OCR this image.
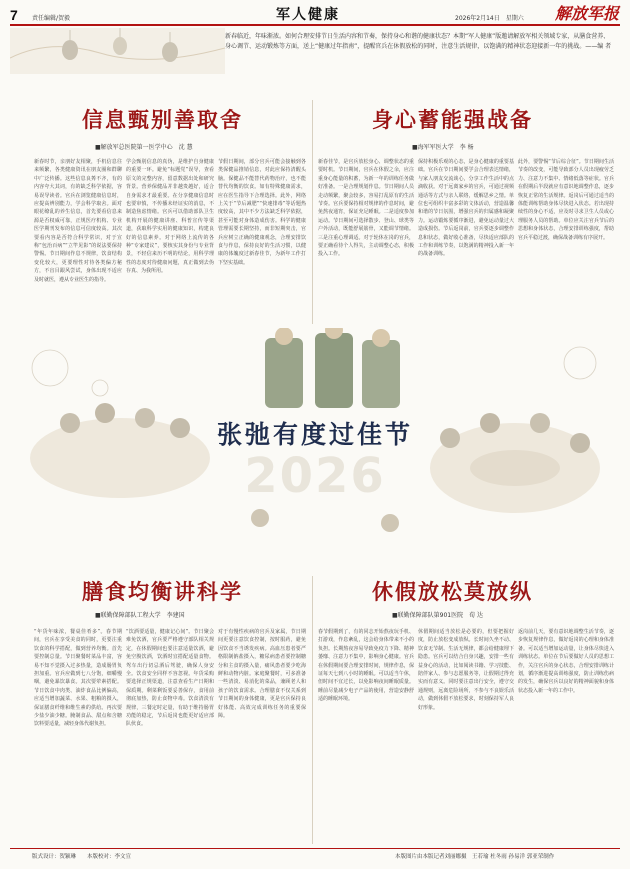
7 责任编辑/贺毅	军人健康	2026年2月14日　星期六 解放军报
新春临近，年味渐浓。如何合理安排节日生活内容和节奏，保持身心和谐的健康状态？本期“军人健康”版邀请解放军相关领域专家，从膳食营养、身心调节、运动锻炼等方面，送上“健康过年指南”，提醒官兵在休假放松的同时，注意生活规律，以饱满的精神状态迎接新一年的挑战。——编 者
信息甄别善取舍
■解放军总医院第一医学中心　沈 慧
新春时节，亲朋好友相聚，手机信息往来频繁，各类健康资讯在朋友圈和群聊中广泛传播。这些信息良莠不齐，有的内容夸大其词，有的缺乏科学依据，容易误导读者。官兵在浏览健康信息时，应提高辨别能力，学会科学取舍。面对眼花缭乱的养生信息，首先要看信息来源是否权威可靠，正规医疗机构、专业医学期刊发布的信息可信度较高。其次要看内容是否符合科学常识，对于宣称“包治百病”“立竿见影”的说法要保持警惕。节日期间作息不规律，饮食结构变化较大，更要理性对待各类偏方秘方，不盲目跟风尝试，身体出现不适应及时就医，遵从专业医生的指导。
学会甄别信息的真伪，是维护自身健康的重要一环。避免“标题党”误导，查看原文的完整内容，留意数据出处和研究背景。营养保健品并非越贵越好，适合自身需求才最重要。在分享健康信息时也要审慎，不传播未经证实的消息，不制造焦虑情绪。官兵可以借助部队卫生机构开展的健康讲座、科普宣传等渠道，获取科学实用的健康知识，构建良好的信息素养。对于网络上流传的各种“专家建议”，要核实其身份与专业背景，不轻信来历不明的结论，用科学理性的态度对待健康问题，真正做到去伪存真、为我所用。
节假日期间，部分官兵可能会接触到各类保健品推销信息，对此应保持清醒头脑。保健品不能替代药物治疗，也不能替代均衡的饮食。如有特殊健康需求，应在医生指导下合理选择。此外，网络上关于“节后减肥”“快速排毒”等话题热度较高，其中不少方法缺乏科学依据，甚至可能对身体造成伤害。科学的健康管理需要长期坚持，而非短期突击，官兵应树立正确的健康观念，合理安排饮食与作息，保持良好的生活习惯，以健康的体魄度过新春佳节，为新年工作打下坚实基础。
身心蓄能强战备
■海军军医大学　李 杨
新春佳节，是官兵放松身心、调整状态的重要时机。节日期间，官兵在休假之余，应注重身心能量的积蓄，为新一年的训练任务做好准备。一是合理规划作息。节日期间人员走动频繁，聚会较多，容易打乱原有的生活节奏。官兵要保持相对规律的作息时间，避免熬夜通宵，保证充足睡眠。二是适度参加运动。节日期间可选择散步、登山、球类等户外活动，既能舒展筋骨，又能调节情绪。三是注重心理调适。对于轮休在岗的官兵，要正确看待个人得失，主动调整心态，积极投入工作。
保持积极乐观的心态，是身心健康的重要基础。官兵在节日期间要学会合理表达情绪，与家人朋友交流谈心，分享工作生活中的点滴收获。对于远离家乡的官兵，可通过视频通话等方式与亲人联络，缓解思乡之情。单位也可组织丰富多彩的文体活动，营造温馨和谐的节日氛围，增强官兵的归属感和凝聚力。运动锻炼要循序渐进，避免运动量过大造成损伤。节后返岗前，官兵要逐步调整作息和状态，做好收心准备，尽快适应部队的工作和训练节奏，以饱满的精神投入新一年的战备训练。
此外，要警惕“节后综合征”。节日期间生活节奏的改变，可能导致部分人员出现疲劳乏力、注意力不集中、情绪低落等症状。官兵在假期后半段就应有意识地调整作息，逐步恢复正常的生活规律。返岗后可通过适当的体能训练帮助身体尽快进入状态。若出现持续性的身心不适，应及时寻求卫生人员或心理服务人员的帮助。单位应关注官兵节后的思想和身体状态，合理安排训练强度，帮助官兵平稳过渡，确保战备训练有序展开。
2026
张弛有度过佳节
膳食均衡讲科学
■联勤保障部队工程大学　李建国
“年货年味浓，餐桌佳肴多”。春节期间，官兵在享受美食的同时，更要注重饮食的科学搭配，做到营养均衡。首先要控制总量。节日聚餐时菜品丰富，容易不知不觉摄入过多热量，造成肠胃负担加重。官兵应做到七八分饱，细嚼慢咽，避免暴饮暴食。其次要荤素搭配。节日饮食中肉类、油炸食品比例偏高，应适当增加蔬菜、水果、粗粮的摄入，保证膳食纤维和维生素的供给。再次要少盐少油少糖。腌制食品、甜点和含糖饮料要适量，减轻身体代谢负担。
“饮酒要适量，健康记心间”。节日聚会难免饮酒，官兵要严格遵守部队相关规定，在休假期间也要注意适量饮酒，避免空腹饮酒，饮酒时宜搭配适量食物。驾车出行切忌酒后驾驶，确保人身安全。饮食安全同样不容忽视。年货采购要选择正规渠道，注意查看生产日期和保质期。剩菜剩饭要妥善保存，食用前彻底加热，防止食物中毒。饮食清淡有规律，三餐定时定量，有助于维持肠胃功能的稳定，节后返岗也能更好适应部队伙食。
对于有慢性疾病的官兵及家属，节日期间更要注意饮食控制，按时服药，避免因饮食不当诱发疾病。高血压患者要严格限制钠盐摄入，糖尿病患者要控制糖分和主食的摄入量，痛风患者要少吃海鲜和动物内脏。家庭聚餐时，可多准备一些清淡、易消化的菜品，兼顾老人和孩子的饮食需求。合理膳食不仅关系到节日期间的身体健康，更是官兵保持良好体能、高效完成训练任务的重要保障。
休假放松莫放纵
■联勤保障部队第901医院　荀 达
春节假期到了，有的同志开始熬夜玩手机、打游戏，作息紊乱，这会给身体带来不小的负担。长期熬夜容易导致免疫力下降、精神萎靡、注意力不集中，影响身心健康。官兵在休假期间要合理安排时间，规律作息，保证每天七到八小时的睡眠。可以适当午休，但时间不宜过长，以免影响夜间睡眠质量。睡前尽量减少电子产品的使用，营造安静舒适的睡眠环境。
休假期间适当放松是必要的，但要把握好度，防止放松变成放纵。长时间久坐不动、饮食无节制、生活无规律，都会给健康埋下隐患。官兵可以结合自身兴趣，安排一些有益身心的活动，比如阅读书籍、学习技能、陪伴家人、参与志愿服务等，让假期过得充实而有意义。同时要注意出行安全，遵守交通规则，远离危险场所，不参与不良娱乐活动，做到休假不放松要求，时刻保持军人良好形象。
返岗前几天，要有意识地调整生活节奏，逐步恢复规律作息，做好返岗的心理和身体准备。可以适当增加运动量，让身体尽快进入训练状态。单位在节后要做好人员的思想工作，关注官兵的身心状态，合理安排训练计划，循序渐进提高训练强度，防止训练伤病的发生，确保官兵以良好的精神面貌和身体状态投入新一年的工作中。
版式设计：贺颖琳　　本版校对：李文宣	本版图片由本版记者刘丽娜摄　王若瑜 杜冬雨 孙易洋 郭亚荣制作
